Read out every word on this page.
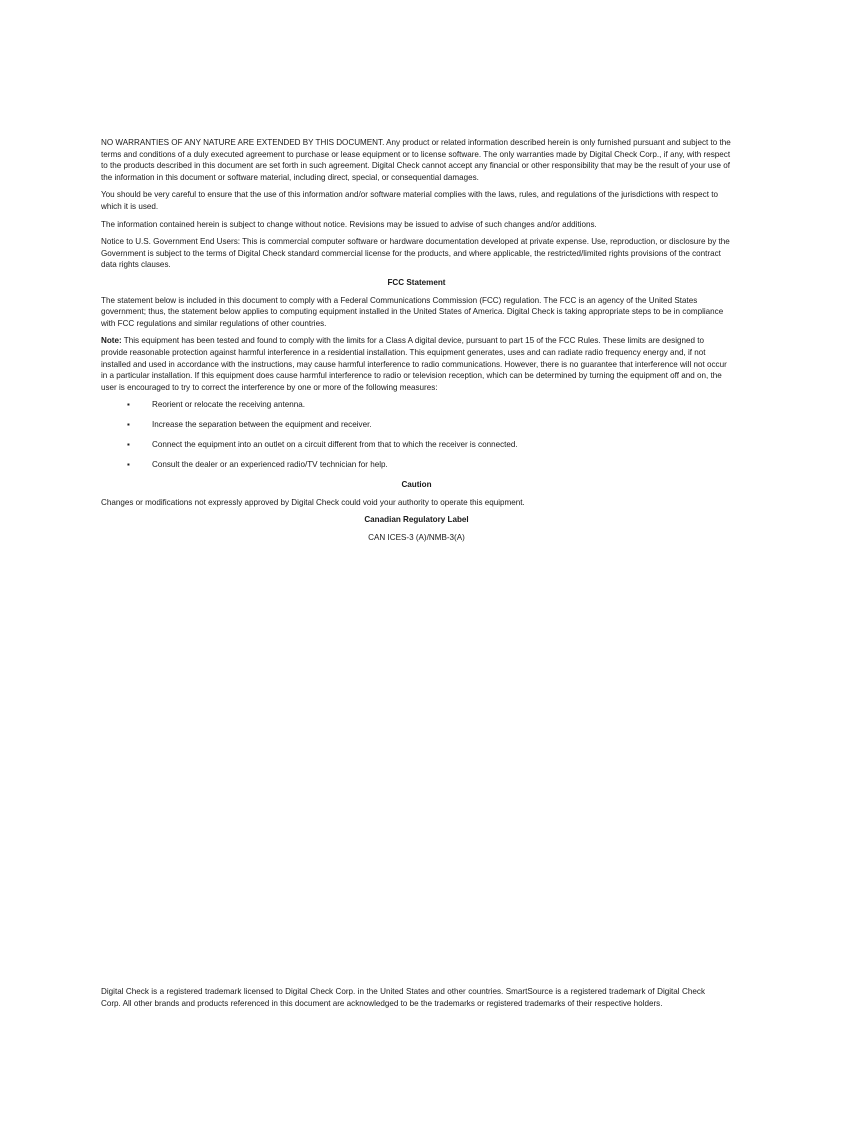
NO WARRANTIES OF ANY NATURE ARE EXTENDED BY THIS DOCUMENT. Any product or related information described herein is only furnished pursuant and subject to the terms and conditions of a duly executed agreement to purchase or lease equipment or to license software. The only warranties made by Digital Check Corp., if any, with respect to the products described in this document are set forth in such agreement. Digital Check cannot accept any financial or other responsibility that may be the result of your use of the information in this document or software material, including direct, special, or consequential damages.

You should be very careful to ensure that the use of this information and/or software material complies with the laws, rules, and regulations of the jurisdictions with respect to which it is used.

The information contained herein is subject to change without notice. Revisions may be issued to advise of such changes and/or additions.

Notice to U.S. Government End Users: This is commercial computer software or hardware documentation developed at private expense. Use, reproduction, or disclosure by the Government is subject to the terms of Digital Check standard commercial license for the products, and where applicable, the restricted/limited rights provisions of the contract data rights clauses.

FCC Statement

The statement below is included in this document to comply with a Federal Communications Commission (FCC) regulation. The FCC is an agency of the United States government; thus, the statement below applies to computing equipment installed in the United States of America. Digital Check is taking appropriate steps to be in compliance with FCC regulations and similar regulations of other countries.

Note: This equipment has been tested and found to comply with the limits for a Class A digital device, pursuant to part 15 of the FCC Rules. These limits are designed to provide reasonable protection against harmful interference in a residential installation. This equipment generates, uses and can radiate radio frequency energy and, if not installed and used in accordance with the instructions, may cause harmful interference to radio communications. However, there is no guarantee that interference will not occur in a particular installation. If this equipment does cause harmful interference to radio or television reception, which can be determined by turning the equipment off and on, the user is encouraged to try to correct the interference by one or more of the following measures:

▪	Reorient or relocate the receiving antenna.
▪	Increase the separation between the equipment and receiver.
▪	Connect the equipment into an outlet on a circuit different from that to which the receiver is connected.
▪	Consult the dealer or an experienced radio/TV technician for help.

Caution

Changes or modifications not expressly approved by Digital Check could void your authority to operate this equipment.

Canadian Regulatory Label

CAN ICES-3 (A)/NMB-3(A)

Digital Check is a registered trademark licensed to Digital Check Corp. in the United States and other countries. SmartSource is a registered trademark of Digital Check Corp. All other brands and products referenced in this document are acknowledged to be the trademarks or registered trademarks of their respective holders.
